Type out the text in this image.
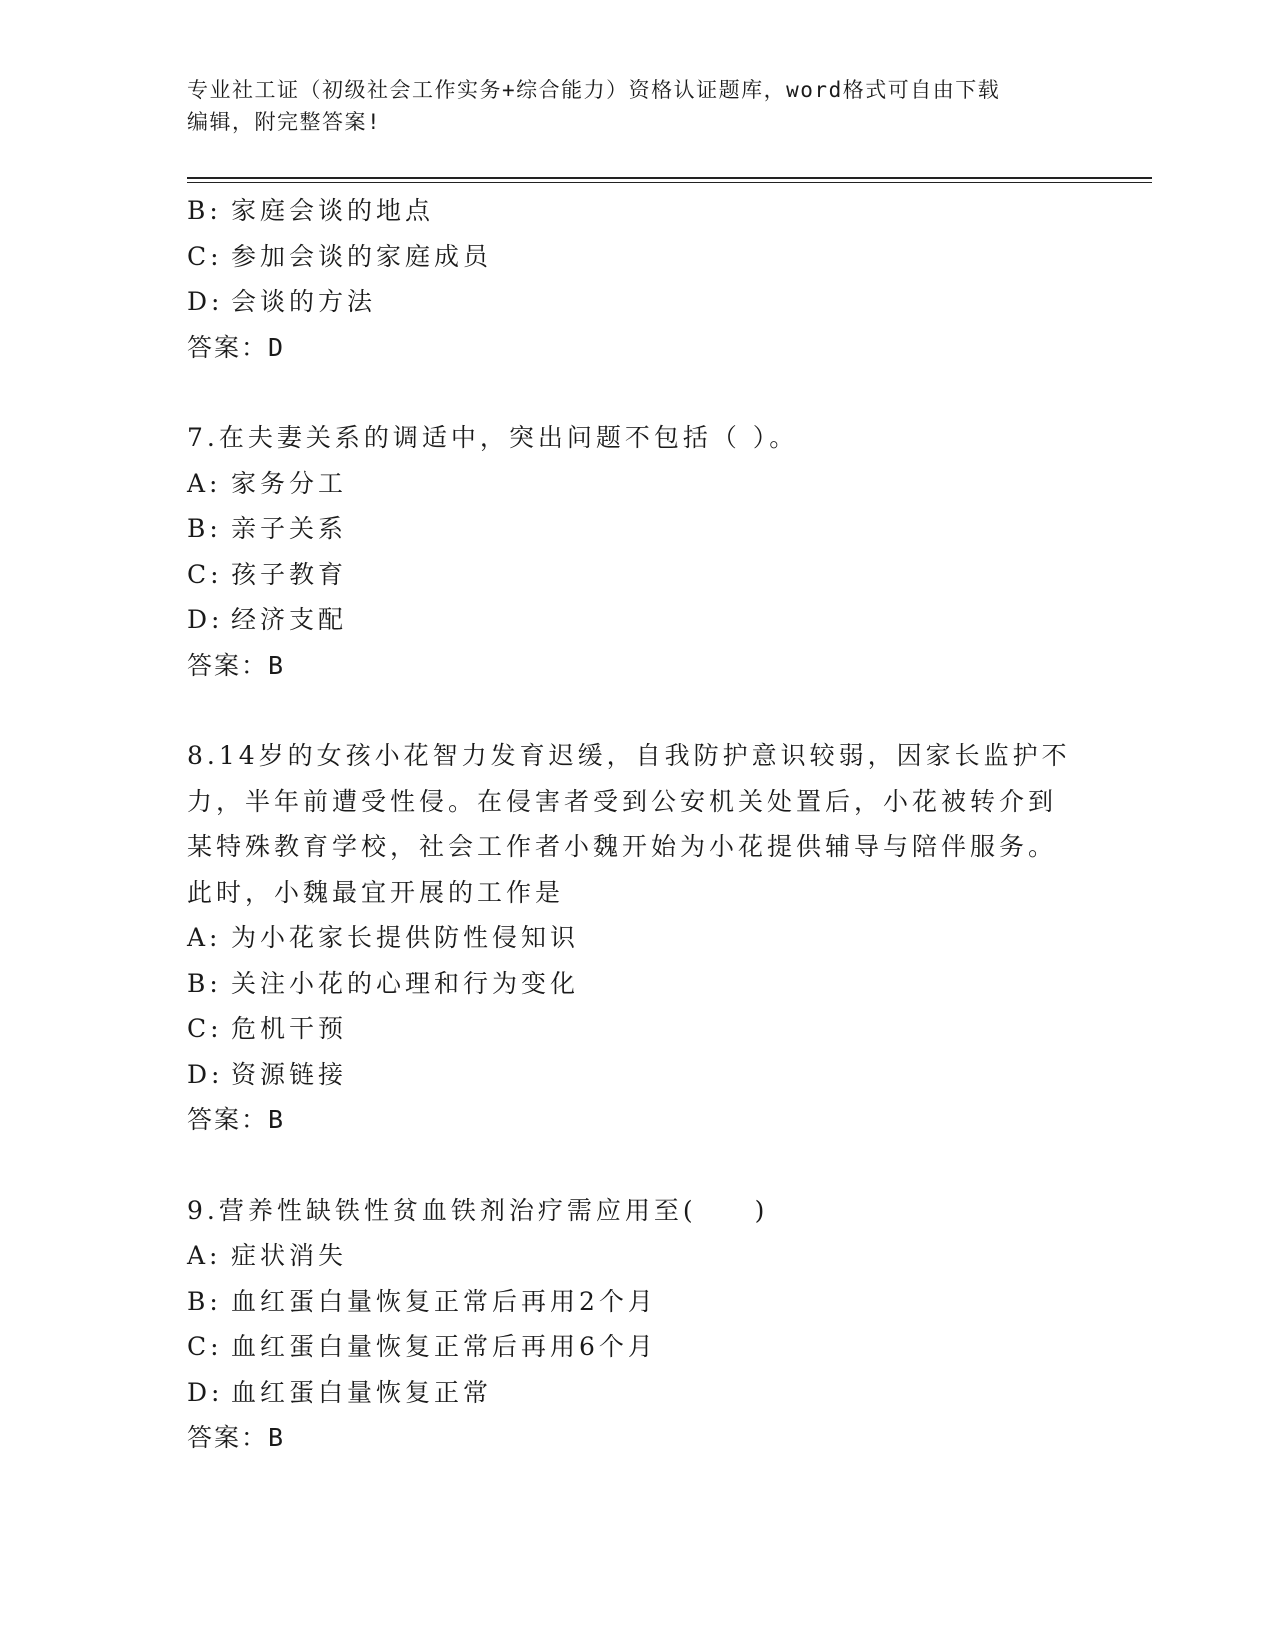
专业社工证（初级社会工作实务+综合能力）资格认证题库，word格式可自由下载
编辑，附完整答案!
B: 家庭会谈的地点
C: 参加会谈的家庭成员
D: 会谈的方法
答案：D
7.在夫妻关系的调适中，突出问题不包括（ ）。
A: 家务分工
B: 亲子关系
C: 孩子教育
D: 经济支配
答案：B
8.14岁的女孩小花智力发育迟缓，自我防护意识较弱，因家长监护不
力，半年前遭受性侵。在侵害者受到公安机关处置后，小花被转介到
某特殊教育学校，社会工作者小魏开始为小花提供辅导与陪伴服务。
此时，小魏最宜开展的工作是
A: 为小花家长提供防性侵知识
B: 关注小花的心理和行为变化
C: 危机干预
D: 资源链接
答案：B
9.营养性缺铁性贫血铁剂治疗需应用至(　　)
A: 症状消失
B: 血红蛋白量恢复正常后再用2个月
C: 血红蛋白量恢复正常后再用6个月
D: 血红蛋白量恢复正常
答案：B
